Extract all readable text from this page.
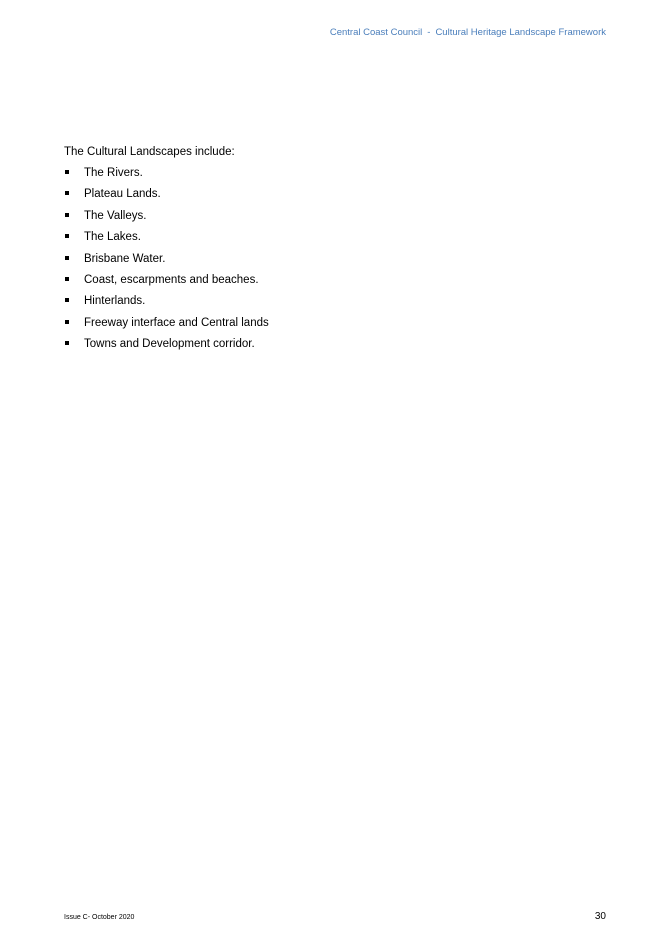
Central Coast Council - Cultural Heritage Landscape Framework

The Cultural Landscapes include:

The Rivers.
Plateau Lands.
The Valleys.
The Lakes.
Brisbane Water.
Coast, escarpments and beaches.
Hinterlands.
Freeway interface and Central lands
Towns and Development corridor.
Issue C- October 2020	30
